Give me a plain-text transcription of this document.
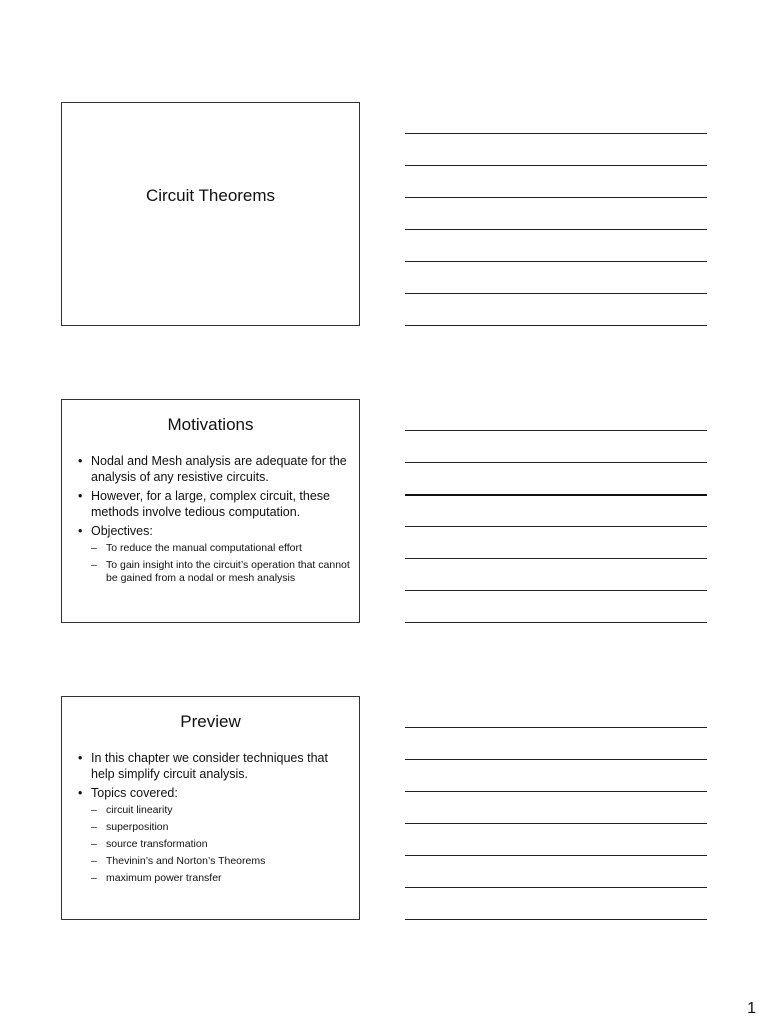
Circuit Theorems
Motivations
• Nodal and Mesh analysis are adequate for the analysis of any resistive circuits.
• However, for a large, complex circuit, these methods involve tedious computation.
• Objectives:
– To reduce the manual computational effort
– To gain insight into the circuit’s operation that cannot be gained from a nodal or mesh analysis
Preview
• In this chapter we consider techniques that help simplify circuit analysis.
• Topics covered:
– circuit linearity
– superposition
– source transformation
– Thevinin’s and Norton’s Theorems
– maximum power transfer
1
